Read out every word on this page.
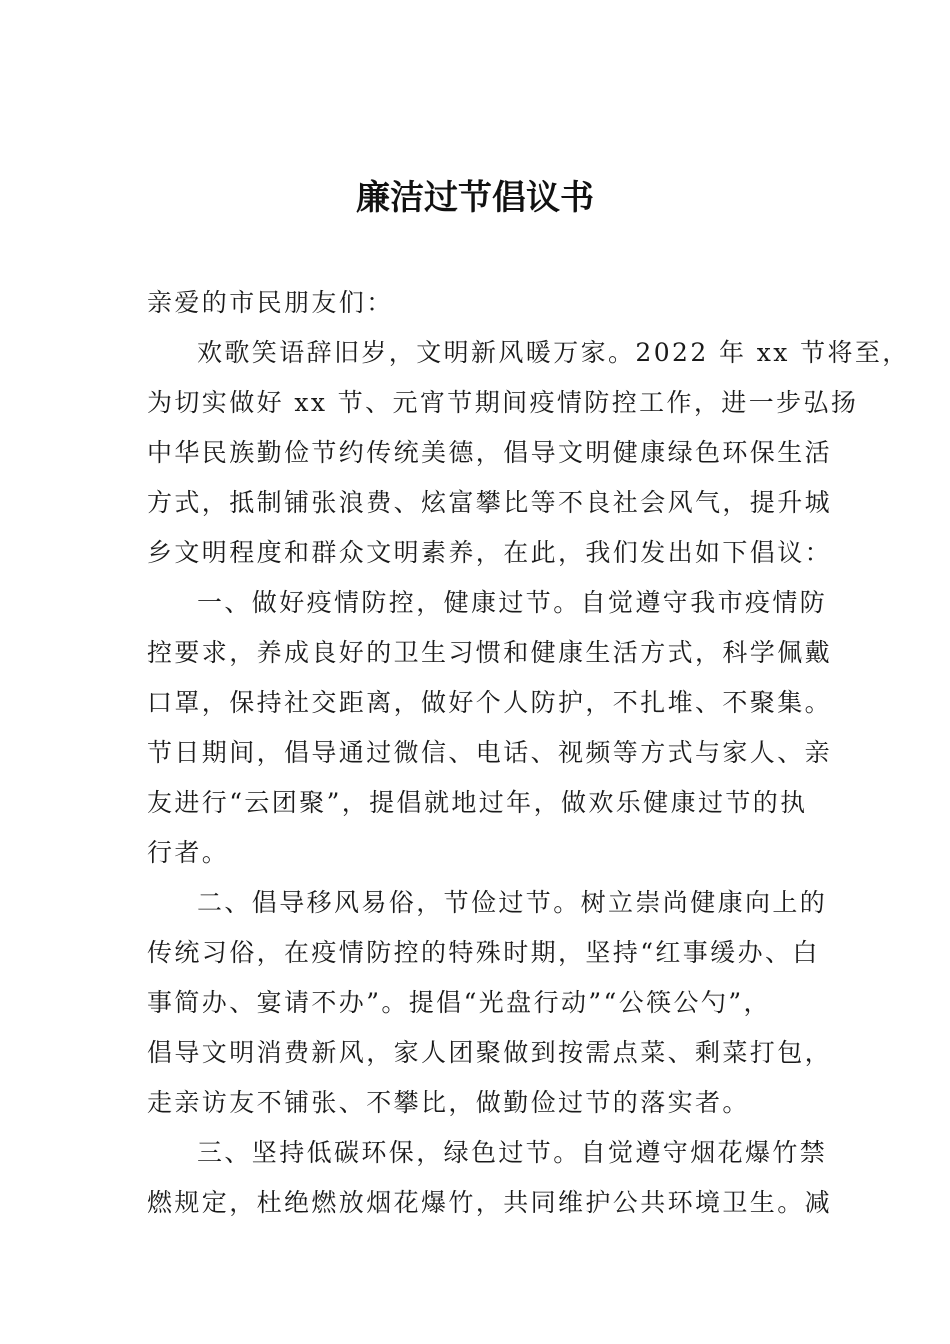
廉洁过节倡议书
亲爱的市民朋友们：
欢歌笑语辞旧岁，文明新风暖万家。2022 年 xx 节将至，
为切实做好 xx 节、元宵节期间疫情防控工作，进一步弘扬
中华民族勤俭节约传统美德，倡导文明健康绿色环保生活
方式，抵制铺张浪费、炫富攀比等不良社会风气，提升城
乡文明程度和群众文明素养，在此，我们发出如下倡议：
一、做好疫情防控，健康过节。自觉遵守我市疫情防
控要求，养成良好的卫生习惯和健康生活方式，科学佩戴
口罩，保持社交距离，做好个人防护，不扎堆、不聚集。
节日期间，倡导通过微信、电话、视频等方式与家人、亲
友进行“云团聚”，提倡就地过年，做欢乐健康过节的执
行者。
二、倡导移风易俗，节俭过节。树立崇尚健康向上的
传统习俗，在疫情防控的特殊时期，坚持“红事缓办、白
事简办、宴请不办”。提倡“光盘行动”“公筷公勺”，
倡导文明消费新风，家人团聚做到按需点菜、剩菜打包，
走亲访友不铺张、不攀比，做勤俭过节的落实者。
三、坚持低碳环保，绿色过节。自觉遵守烟花爆竹禁
燃规定，杜绝燃放烟花爆竹，共同维护公共环境卫生。减
